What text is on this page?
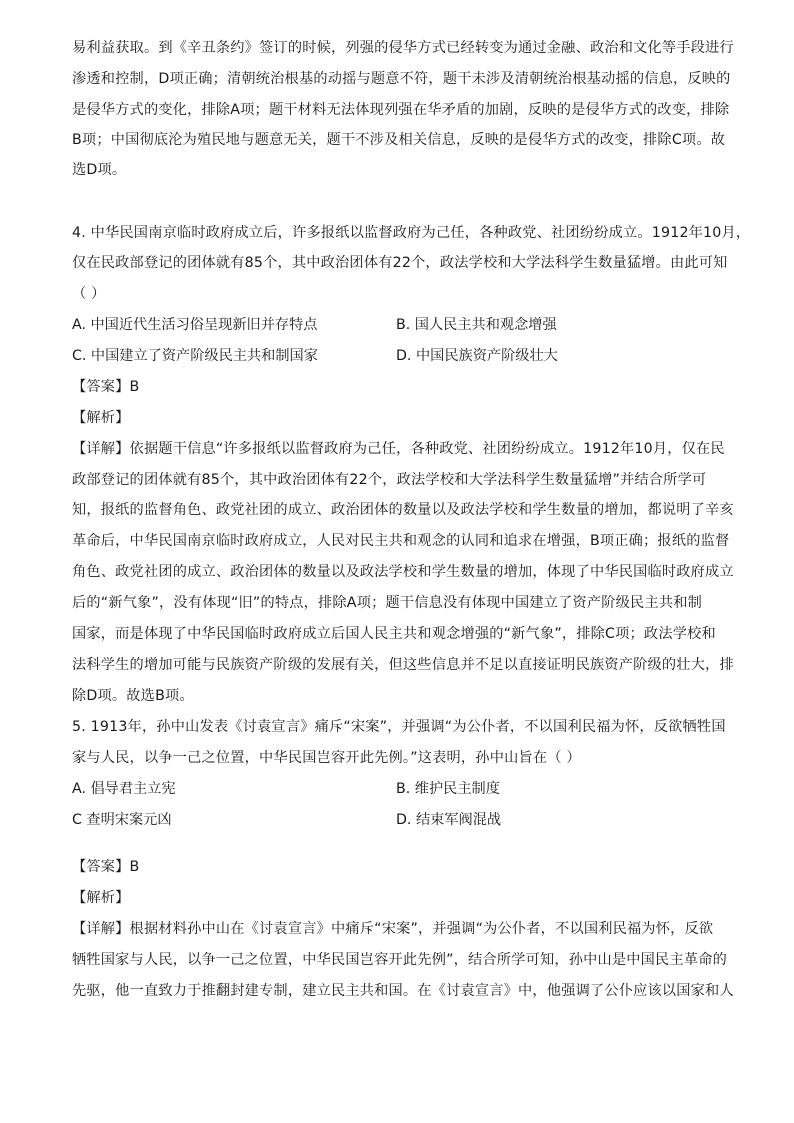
易利益获取。到《辛丑条约》签订的时候，列强的侵华方式已经转变为通过金融、政治和文化等手段进行
渗透和控制，D项正确；清朝统治根基的动摇与题意不符，题干未涉及清朝统治根基动摇的信息，反映的
是侵华方式的变化，排除A项；题干材料无法体现列强在华矛盾的加剧，反映的是侵华方式的改变，排除
B项；中国彻底沦为殖民地与题意无关，题干不涉及相关信息，反映的是侵华方式的改变，排除C项。故
选D项。
4. 中华民国南京临时政府成立后，许多报纸以监督政府为己任，各种政党、社团纷纷成立。1912年10月，
仅在民政部登记的团体就有85个，其中政治团体有22个，政法学校和大学法科学生数量猛增。由此可知
（ ）
A. 中国近代生活习俗呈现新旧并存特点	B. 国人民主共和观念增强
C. 中国建立了资产阶级民主共和制国家	D. 中国民族资产阶级壮大
【答案】B
【解析】
【详解】依据题干信息“许多报纸以监督政府为己任，各种政党、社团纷纷成立。1912年10月，仅在民
政部登记的团体就有85个，其中政治团体有22个，政法学校和大学法科学生数量猛增”并结合所学可
知，报纸的监督角色、政党社团的成立、政治团体的数量以及政法学校和学生数量的增加，都说明了辛亥
革命后，中华民国南京临时政府成立，人民对民主共和观念的认同和追求在增强，B项正确；报纸的监督
角色、政党社团的成立、政治团体的数量以及政法学校和学生数量的增加，体现了中华民国临时政府成立
后的“新气象”，没有体现“旧”的特点，排除A项；题干信息没有体现中国建立了资产阶级民主共和制
国家，而是体现了中华民国临时政府成立后国人民主共和观念增强的“新气象”，排除C项；政法学校和
法科学生的增加可能与民族资产阶级的发展有关，但这些信息并不足以直接证明民族资产阶级的壮大，排
除D项。故选B项。
5. 1913年，孙中山发表《讨袁宣言》痛斥“宋案”，并强调“为公仆者，不以国利民福为怀，反欲牺牲国
家与人民，以争一己之位置，中华民国岂容开此先例。”这表明，孙中山旨在（ ）
A. 倡导君主立宪	B. 维护民主制度
C 查明宋案元凶	D. 结束军阀混战
【答案】B
【解析】
【详解】根据材料孙中山在《讨袁宣言》中痛斥“宋案”，并强调“为公仆者，不以国利民福为怀，反欲
牺牲国家与人民，以争一己之位置，中华民国岂容开此先例”，结合所学可知，孙中山是中国民主革命的
先驱，他一直致力于推翻封建专制，建立民主共和国。在《讨袁宣言》中，他强调了公仆应该以国家和人
